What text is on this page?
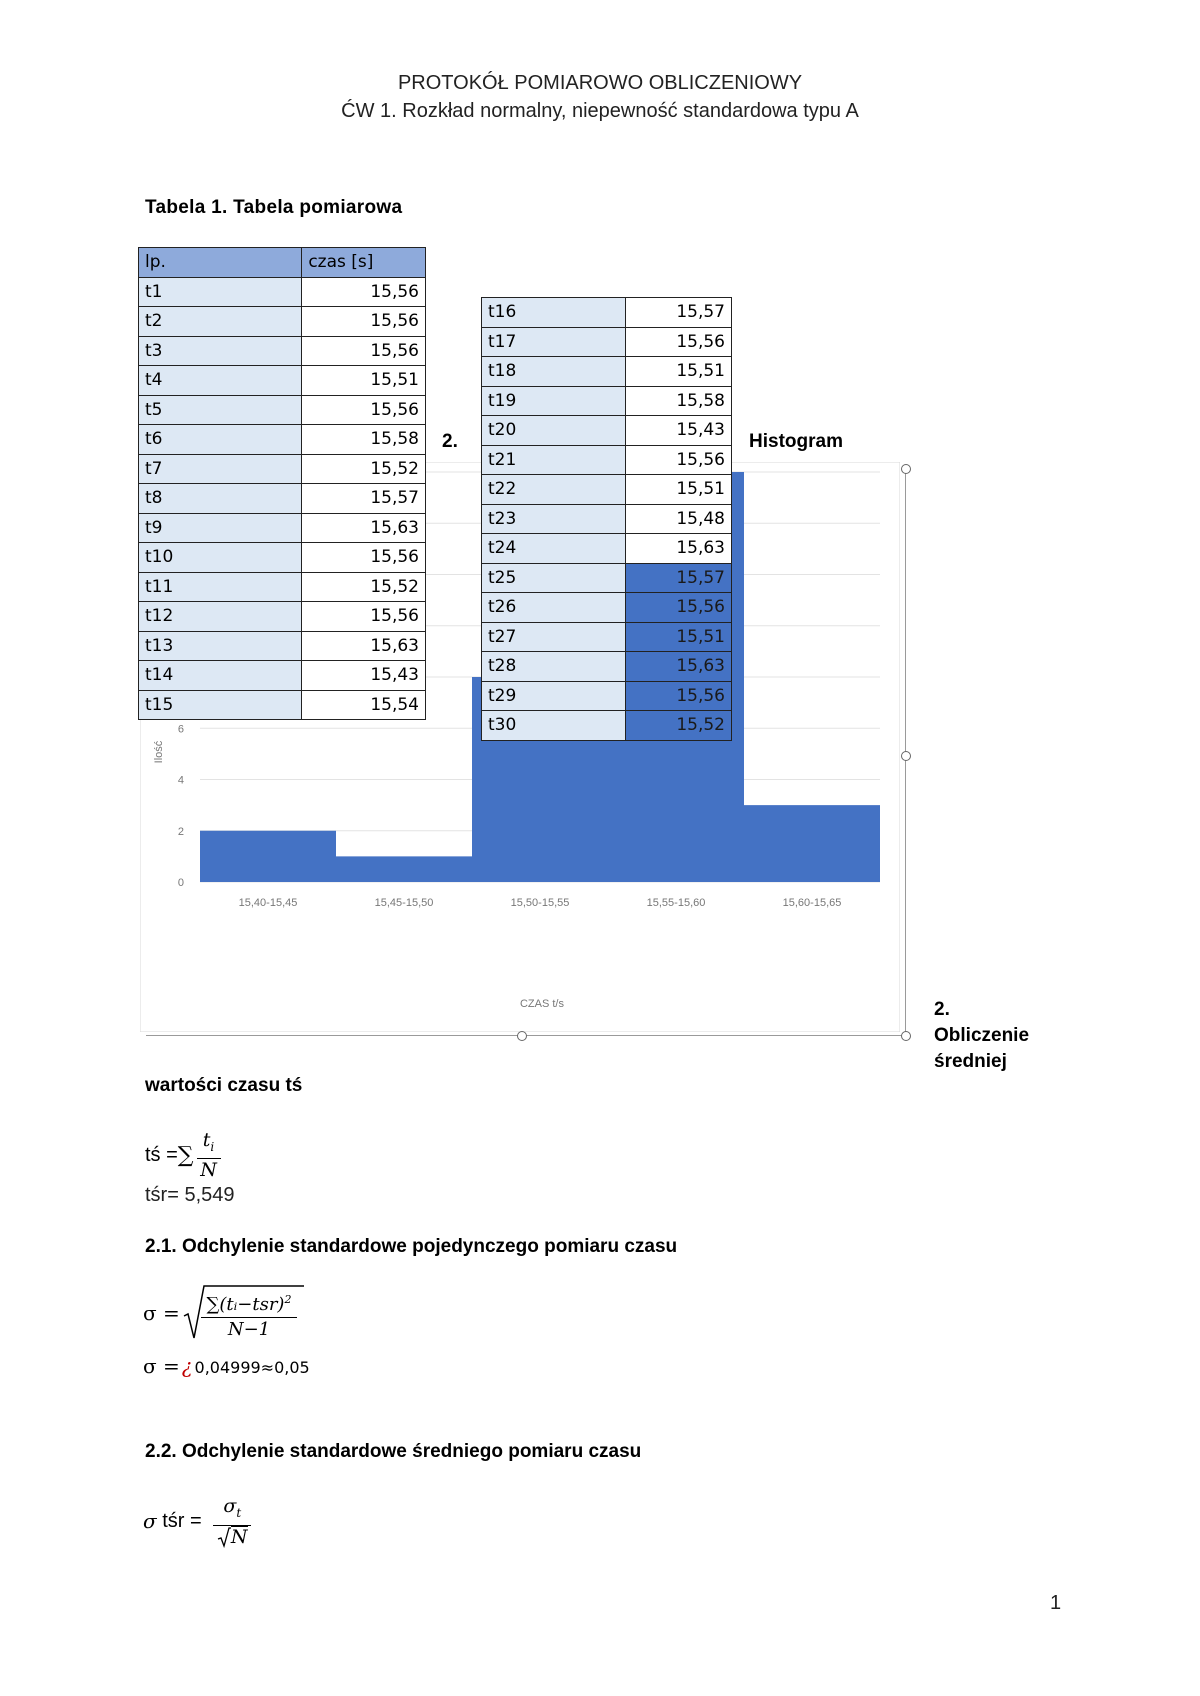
PROTOKÓŁ POMIAROWO OBLICZENIOWY
ĆW 1. Rozkład normalny, niepewność standardowa typu A
Tabela 1. Tabela pomiarowa
0
2
4
6
15,40-15,45	15,45-15,50	15,50-15,55	15,55-15,60	15,60-15,65
CZAS t/s
Ilość
lp.	czas [s]
t1	15,56
t2	15,56
t3	15,56
t4	15,51
t5	15,56
t6	15,58
t7	15,52
t8	15,57
t9	15,63
t10	15,56
t11	15,52
t12	15,56
t13	15,63
t14	15,43
t15	15,54
t16	15,57
t17	15,56
t18	15,51
t19	15,58
t20	15,43
t21	15,56
t22	15,51
t23	15,48
t24	15,63
t25	15,57
t26	15,56
t27	15,51
t28	15,63
t29	15,56
t30	15,52
2.	Histogram
2.
Obliczenie
średniej
wartości czasu tś
tś = ∑
$t_i$
N
tśr= 5,549
2.1. Odchylenie standardowe pojedynczego pomiaru czasu
σ = ∑(tᵢ−tsr)$^2$
N−1
σ = ¿ 0,04999≈0,05
2.2. Odchylenie standardowe średniego pomiaru czasu
σ tśr =
$\sigma_t$
N
1
